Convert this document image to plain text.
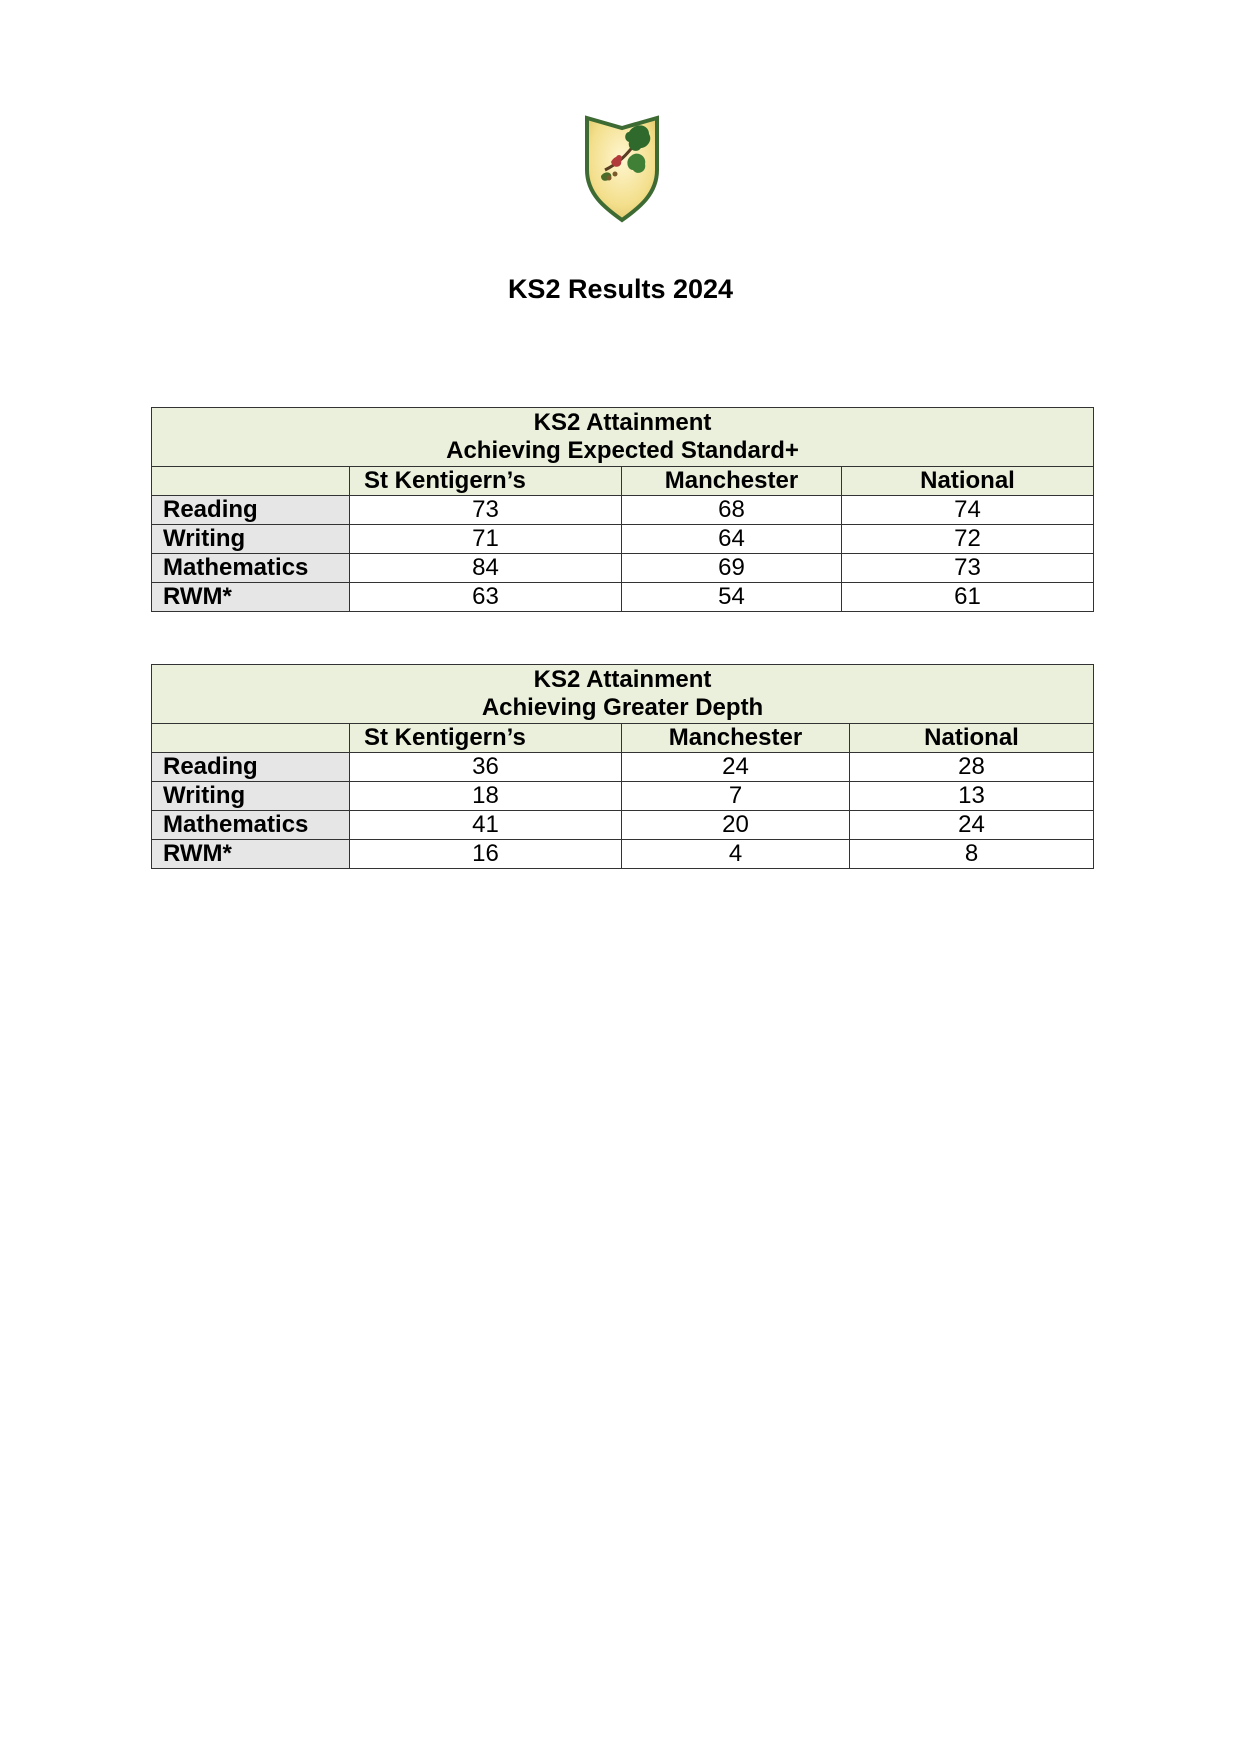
KS2 Results 2024
KS2 Attainment
Achieving Expected Standard+			

	St Kentigern’s	Manchester	National
Reading	73	68	74
Writing	71	64	72
Mathematics	84	69	73
RWM*	63	54	61
KS2 Attainment
Achieving Greater Depth			

	St Kentigern’s	Manchester	National
Reading	36	24	28
Writing	18	7	13
Mathematics	41	20	24
RWM*	16	4	8
